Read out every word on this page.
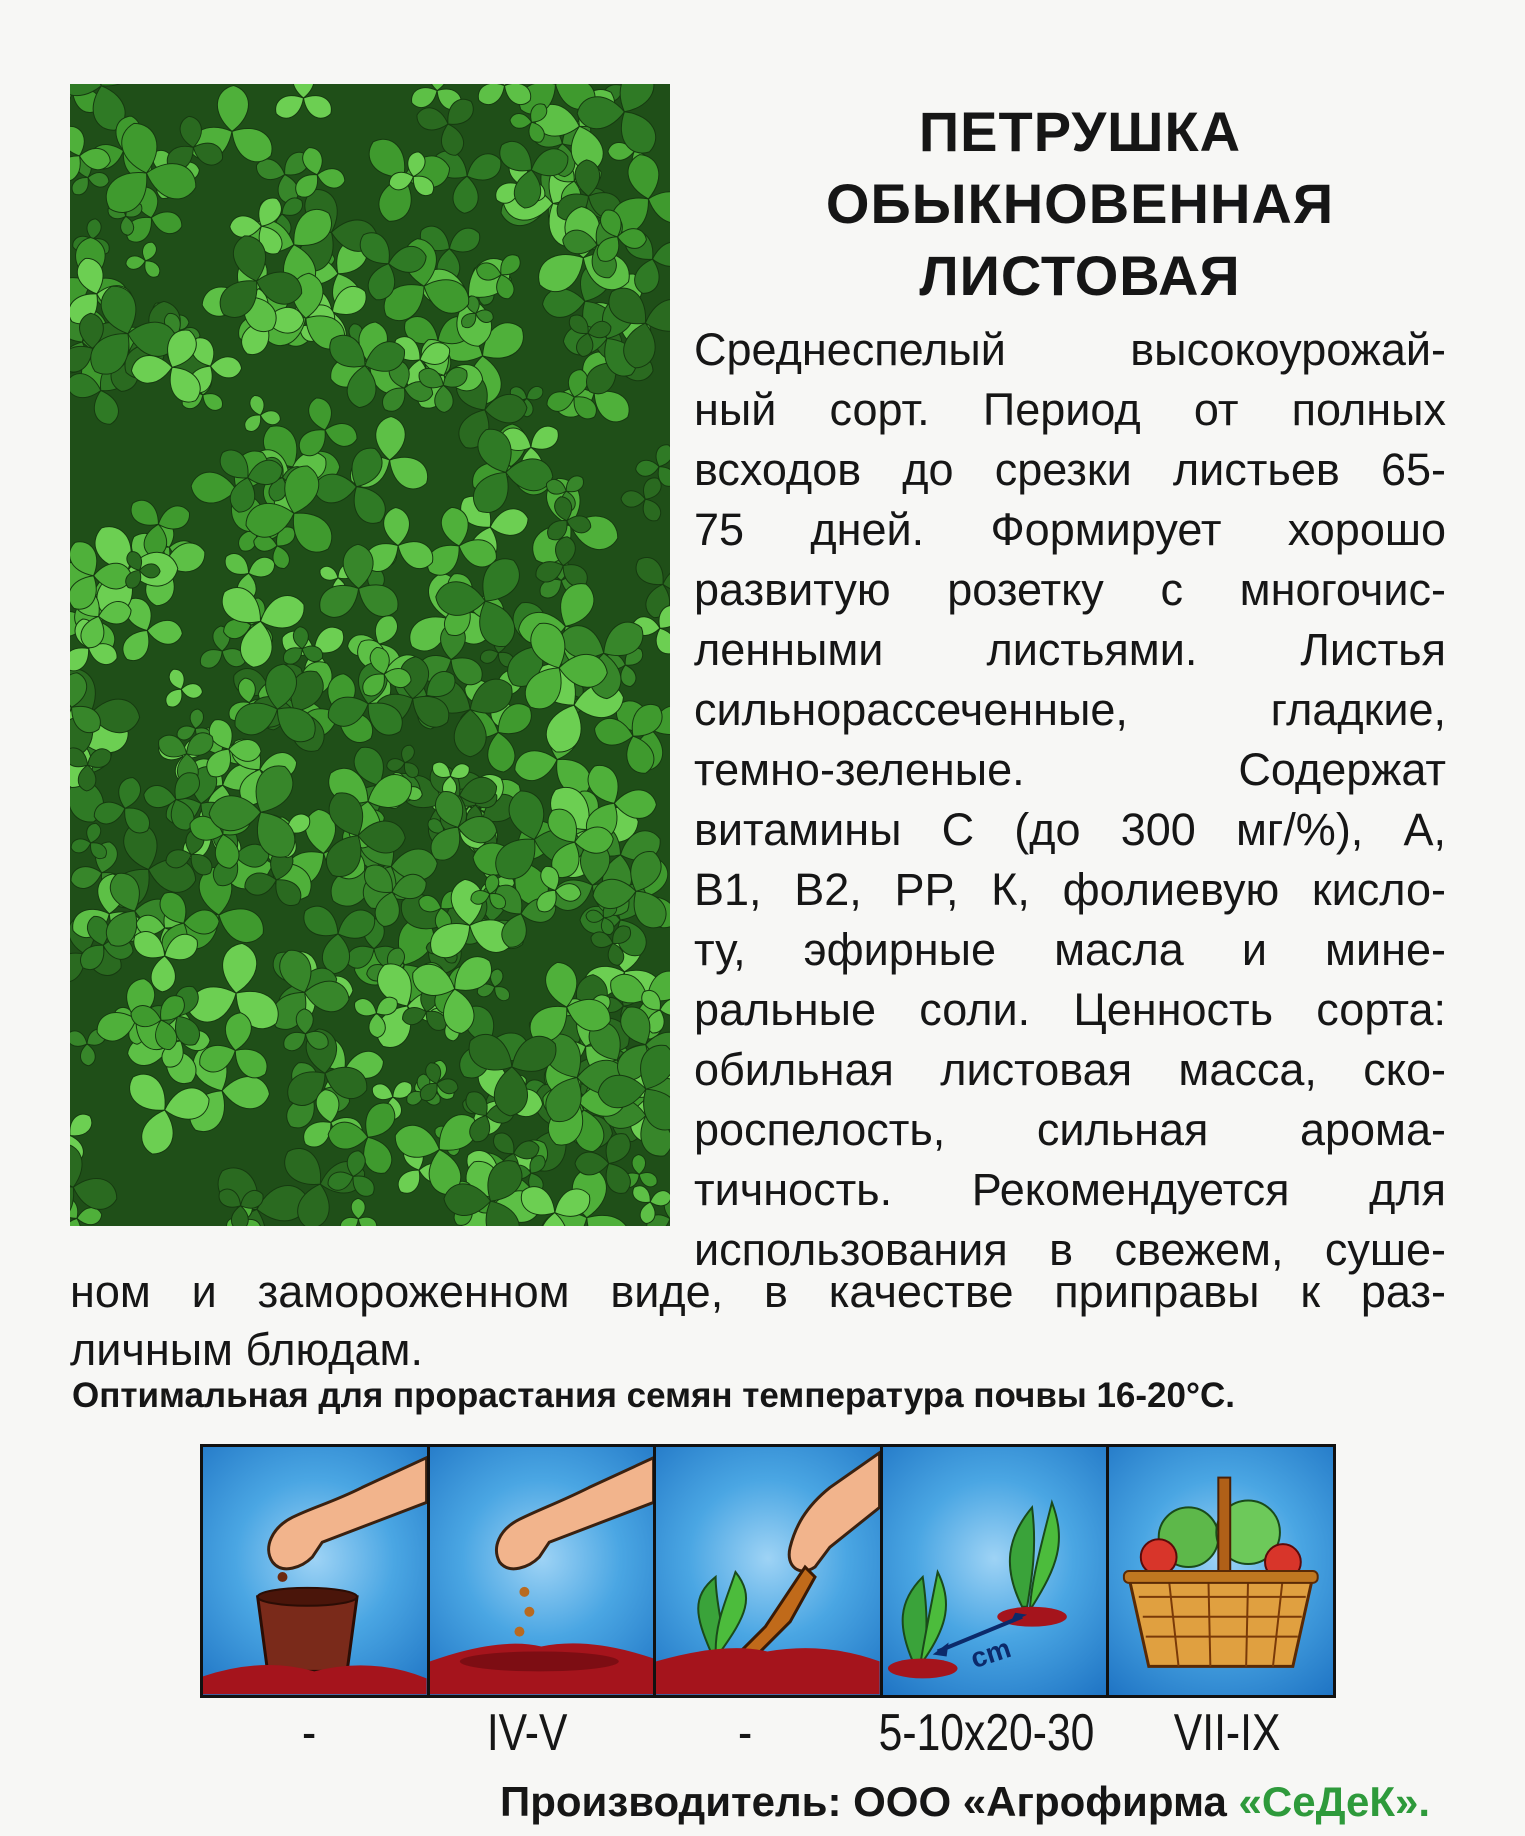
ПЕТРУШКА
ОБЫКНОВЕННАЯ
ЛИСТОВАЯ
Среднеспелый высокоурожай-
ный сорт. Период от полных
всходов до срезки листьев 65-
75 дней. Формирует хорошо
развитую розетку с многочис-
ленными листьями. Листья
сильнорассеченные, гладкие,
темно-зеленые. Содержат
витамины С (до 300 мг/%), А,
В1, В2, РР, К, фолиевую кисло-
ту, эфирные масла и мине-
ральные соли. Ценность сорта:
обильная листовая масса, ско-
роспелость, сильная арома-
тичность. Рекомендуется для
использования в свежем, суше-
ном и замороженном виде, в качестве приправы к раз-
личным блюдам.
Оптимальная для прорастания семян температура почвы 16-20°С.
cm
-	IV-V	-	5-10x20-30	VII-IX
Производитель: ООО «Агрофирма «СеДеК».
